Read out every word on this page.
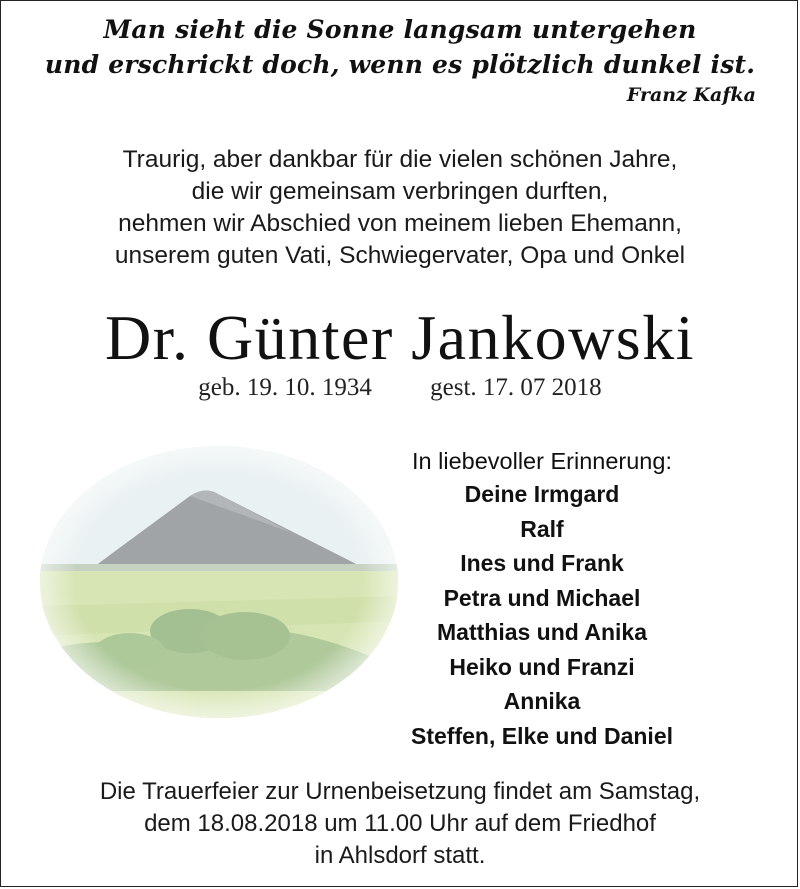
Man sieht die Sonne langsam untergehen
und erschrickt doch, wenn es plötzlich dunkel ist.
Franz Kafka
Traurig, aber dankbar für die vielen schönen Jahre,
die wir gemeinsam verbringen durften,
nehmen wir Abschied von meinem lieben Ehemann,
unserem guten Vati, Schwiegervater, Opa und Onkel
Dr. Günter Jankowski
geb. 19. 10. 1934 gest. 17. 07 2018
In liebevoller Erinnerung:
Deine Irmgard
Ralf
Ines und Frank
Petra und Michael
Matthias und Anika
Heiko und Franzi
Annika
Steffen, Elke und Daniel
Die Trauerfeier zur Urnenbeisetzung findet am Samstag,
dem 18.08.2018 um 11.00 Uhr auf dem Friedhof
in Ahlsdorf statt.
